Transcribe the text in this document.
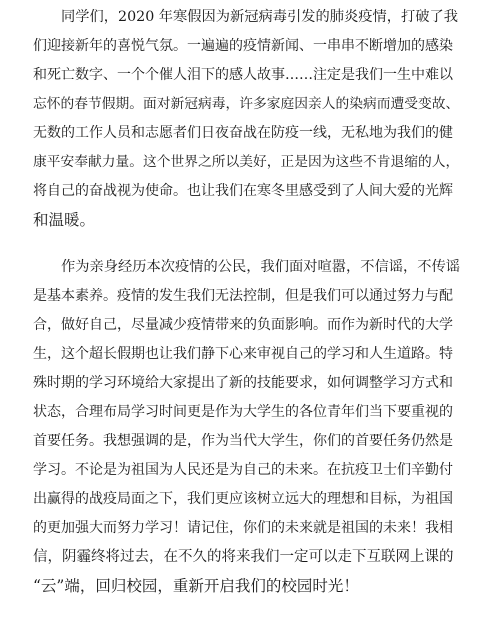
同学们，2020 年寒假因为新冠病毒引发的肺炎疫情，打破了我
们迎接新年的喜悦气氛。一遍遍的疫情新闻、一串串不断增加的感染
和死亡数字、一个个催人泪下的感人故事……注定是我们一生中难以
忘怀的春节假期。面对新冠病毒，许多家庭因亲人的染病而遭受变故、
无数的工作人员和志愿者们日夜奋战在防疫一线，无私地为我们的健
康平安奉献力量。这个世界之所以美好，正是因为这些不肯退缩的人，
将自己的奋战视为使命。也让我们在寒冬里感受到了人间大爱的光辉
和温暖。
作为亲身经历本次疫情的公民，我们面对喧嚣，不信谣，不传谣
是基本素养。疫情的发生我们无法控制，但是我们可以通过努力与配
合，做好自己，尽量减少疫情带来的负面影响。而作为新时代的大学
生，这个超长假期也让我们静下心来审视自己的学习和人生道路。特
殊时期的学习环境给大家提出了新的技能要求，如何调整学习方式和
状态，合理布局学习时间更是作为大学生的各位青年们当下要重视的
首要任务。我想强调的是，作为当代大学生，你们的首要任务仍然是
学习。不论是为祖国为人民还是为自己的未来。在抗疫卫士们辛勤付
出赢得的战疫局面之下，我们更应该树立远大的理想和目标，为祖国
的更加强大而努力学习！请记住，你们的未来就是祖国的未来！我相
信，阴霾终将过去，在不久的将来我们一定可以走下互联网上课的
“云”端，回归校园，重新开启我们的校园时光！
